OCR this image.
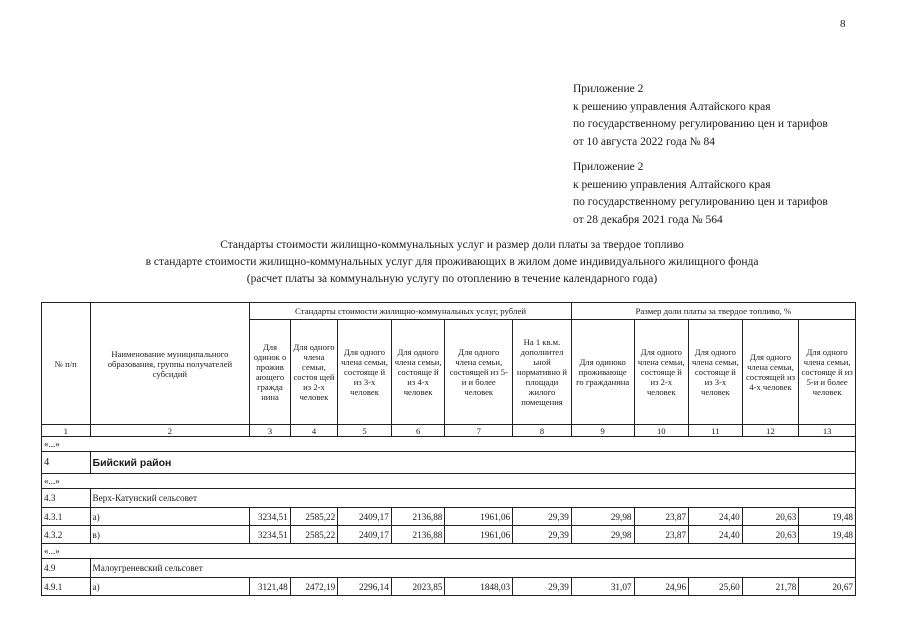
8
Приложение 2
к решению управления Алтайского края
по государственному регулированию цен и тарифов
от 10 августа 2022 года № 84
Приложение 2
к решению управления Алтайского края
по государственному регулированию цен и тарифов
от 28 декабря 2021 года № 564
Стандарты стоимости жилищно-коммунальных услуг и размер доли платы за твердое топливо
в стандарте стоимости жилищно-коммунальных услуг для проживающих в жилом доме индивидуального жилищного фонда
(расчет платы за коммунальную услугу по отоплению в течение календарного года)
№ п/п	Наименование муниципального образования, группы получателей субсидий	Стандарты стоимости жилищно-коммунальных услуг, рублей						Размер доли платы за твердое топливо, %				
		Для одинок о прожив ающего гражда нина	Для одного члена семьи, состоя щей из 2-х человек	Для одного члена семьи, состояще й из 3-х человек	Для одного члена семьи, состояще й из 4-х человек	Для одного члена семьи, состоящей из 5-и и более человек	На 1 кв.м. дополнител ьной нормативно й площади жилого помещения	Для одиноко проживающе го гражданина	Для одного члена семьи, состояще й из 2-х человек	Для одного члена семьи, состояще й из 3-х человек	Для одного члена семьи, состоящей из 4-х человек	Для одного члена семьи, состояще й из 5-и и более человек
1	2	3	4	5	6	7	8	9	10	11	12	13
«...»												
4	Бийский район											
«...»												
4.3	Верх-Катунский сельсовет											
4.3.1	а)	3234,51	2585,22	2409,17	2136,88	1961,06	29,39	29,98	23,87	24,40	20,63	19,48
4.3.2	в)	3234,51	2585,22	2409,17	2136,88	1961,06	29,39	29,98	23,87	24,40	20,63	19,48
«...»												
4.9	Малоугреневский сельсовет											
4.9.1	а)	3121,48	2472,19	2296,14	2023,85	1848,03	29,39	31,07	24,96	25,60	21,78	20,67
